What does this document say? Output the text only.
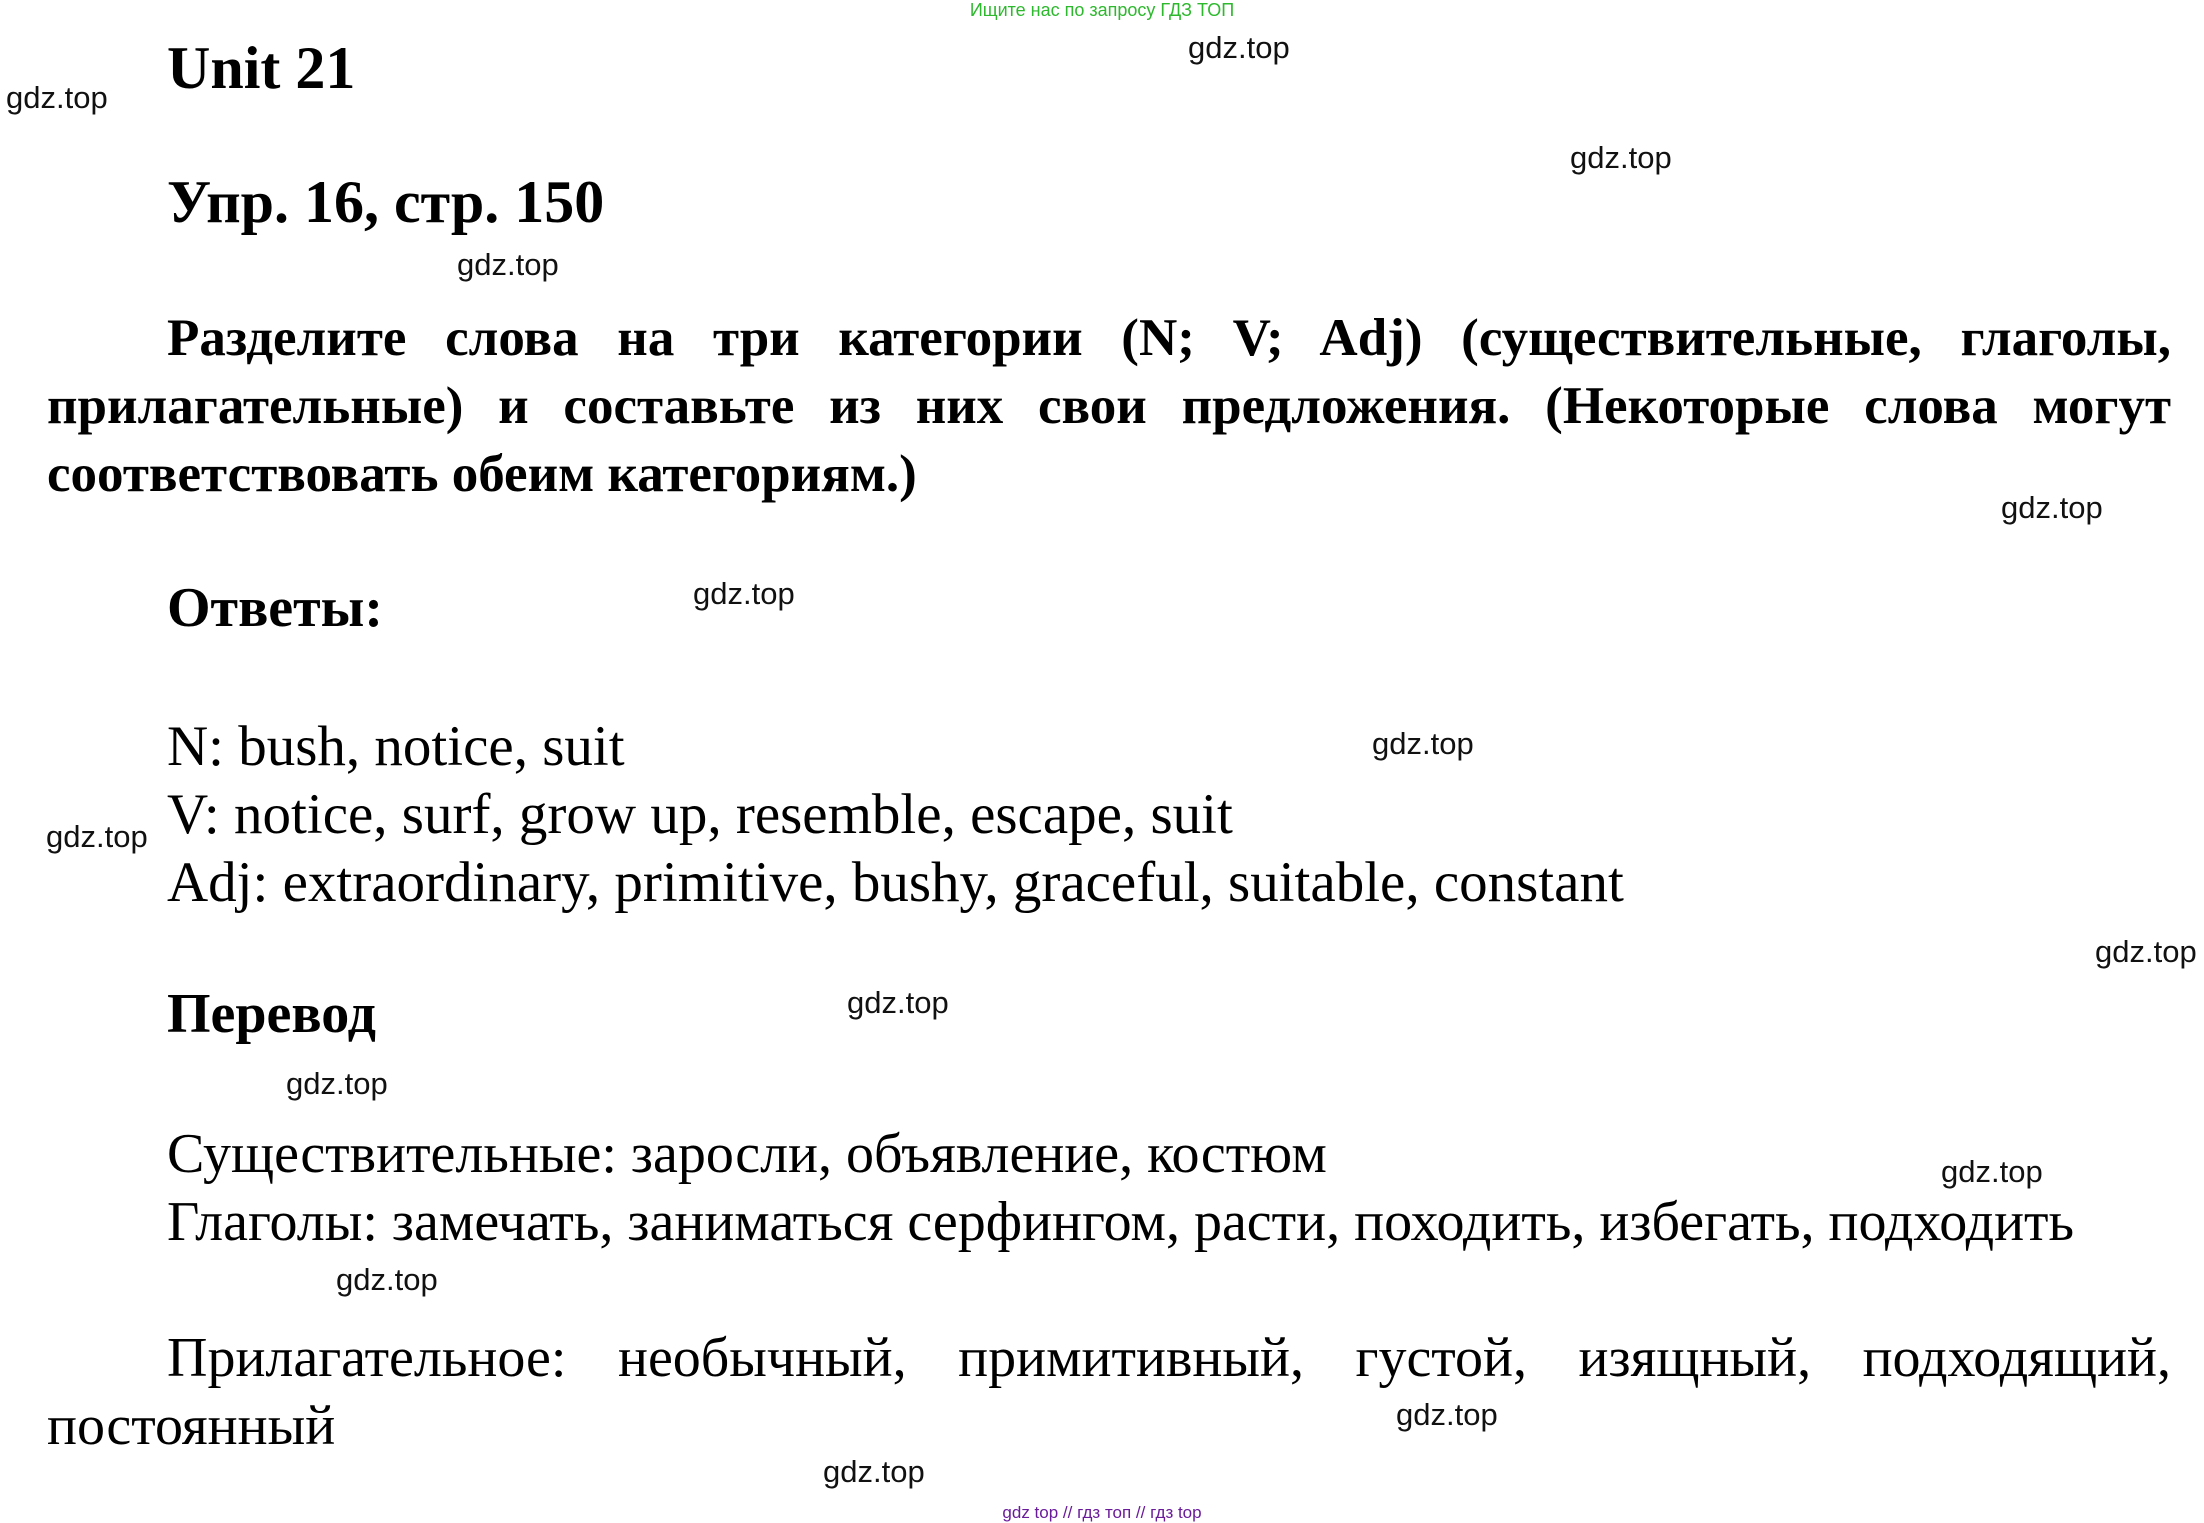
Ищите нас по запросу ГДЗ ТОП
Unit 21
Упр. 16, стр. 150

Разделите слова на три категории (N; V; Adj) (существительные, глаголы, прилагательные) и составьте из них свои предложения. (Некоторые слова могут соответствовать обеим категориям.)

Ответы:
N: bush, notice, suit
V: notice, surf, grow up, resemble, escape, suit
Adj: extraordinary, primitive, bushy, graceful, suitable, constant
Перевод
Существительные: заросли, объявление, костюм

Глаголы: замечать, заниматься серфингом, расти, походить, избегать, подходить

Прилагательное: необычный, примитивный, густой, изящный, подходящий, постоянный

gdz.top
gdz.top
gdz.top
gdz.top
gdz.top
gdz.top
gdz.top
gdz.top
gdz.top
gdz.top
gdz.top
gdz.top
gdz.top
gdz.top
gdz.top
gdz top // гдз топ // гдз top
